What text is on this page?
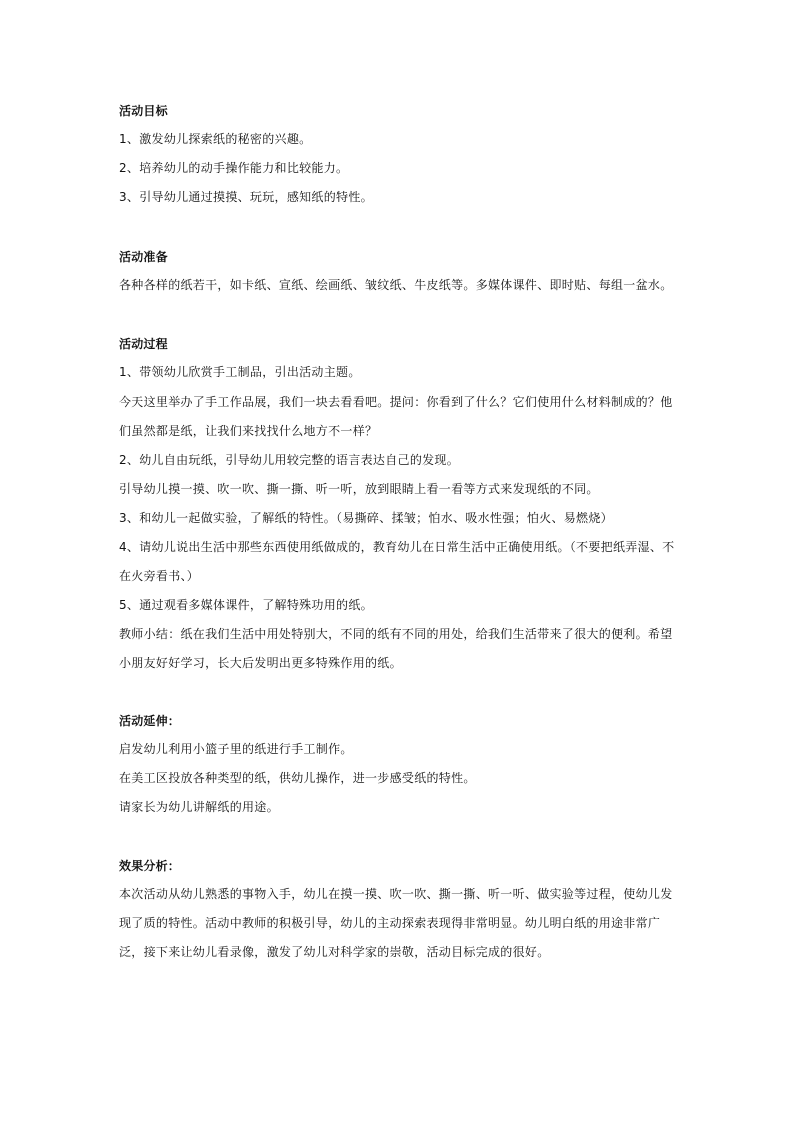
活动目标
1、激发幼儿探索纸的秘密的兴趣。
2、培养幼儿的动手操作能力和比较能力。
3、引导幼儿通过摸摸、玩玩，感知纸的特性。
活动准备
各种各样的纸若干，如卡纸、宣纸、绘画纸、皱纹纸、牛皮纸等。多媒体课件、即时贴、每组一盆水。
活动过程
1、带领幼儿欣赏手工制品，引出活动主题。
今天这里举办了手工作品展，我们一块去看看吧。提问：你看到了什么？它们使用什么材料制成的？他们虽然都是纸，让我们来找找什么地方不一样？
2、幼儿自由玩纸，引导幼儿用较完整的语言表达自己的发现。
引导幼儿摸一摸、吹一吹、撕一撕、听一听，放到眼睛上看一看等方式来发现纸的不同。
3、和幼儿一起做实验，了解纸的特性。（易撕碎、揉皱；怕水、吸水性强；怕火、易燃烧）
4、请幼儿说出生活中那些东西使用纸做成的，教育幼儿在日常生活中正确使用纸。（不要把纸弄湿、不在火旁看书、）
5、通过观看多媒体课件，了解特殊功用的纸。
教师小结：纸在我们生活中用处特别大，不同的纸有不同的用处，给我们生活带来了很大的便利。希望小朋友好好学习，长大后发明出更多特殊作用的纸。
活动延伸：
启发幼儿利用小篮子里的纸进行手工制作。
在美工区投放各种类型的纸，供幼儿操作，进一步感受纸的特性。
请家长为幼儿讲解纸的用途。
效果分析：
本次活动从幼儿熟悉的事物入手，幼儿在摸一摸、吹一吹、撕一撕、听一听、做实验等过程，使幼儿发现了质的特性。活动中教师的积极引导，幼儿的主动探索表现得非常明显。幼儿明白纸的用途非常广泛，接下来让幼儿看录像，激发了幼儿对科学家的崇敬，活动目标完成的很好。
